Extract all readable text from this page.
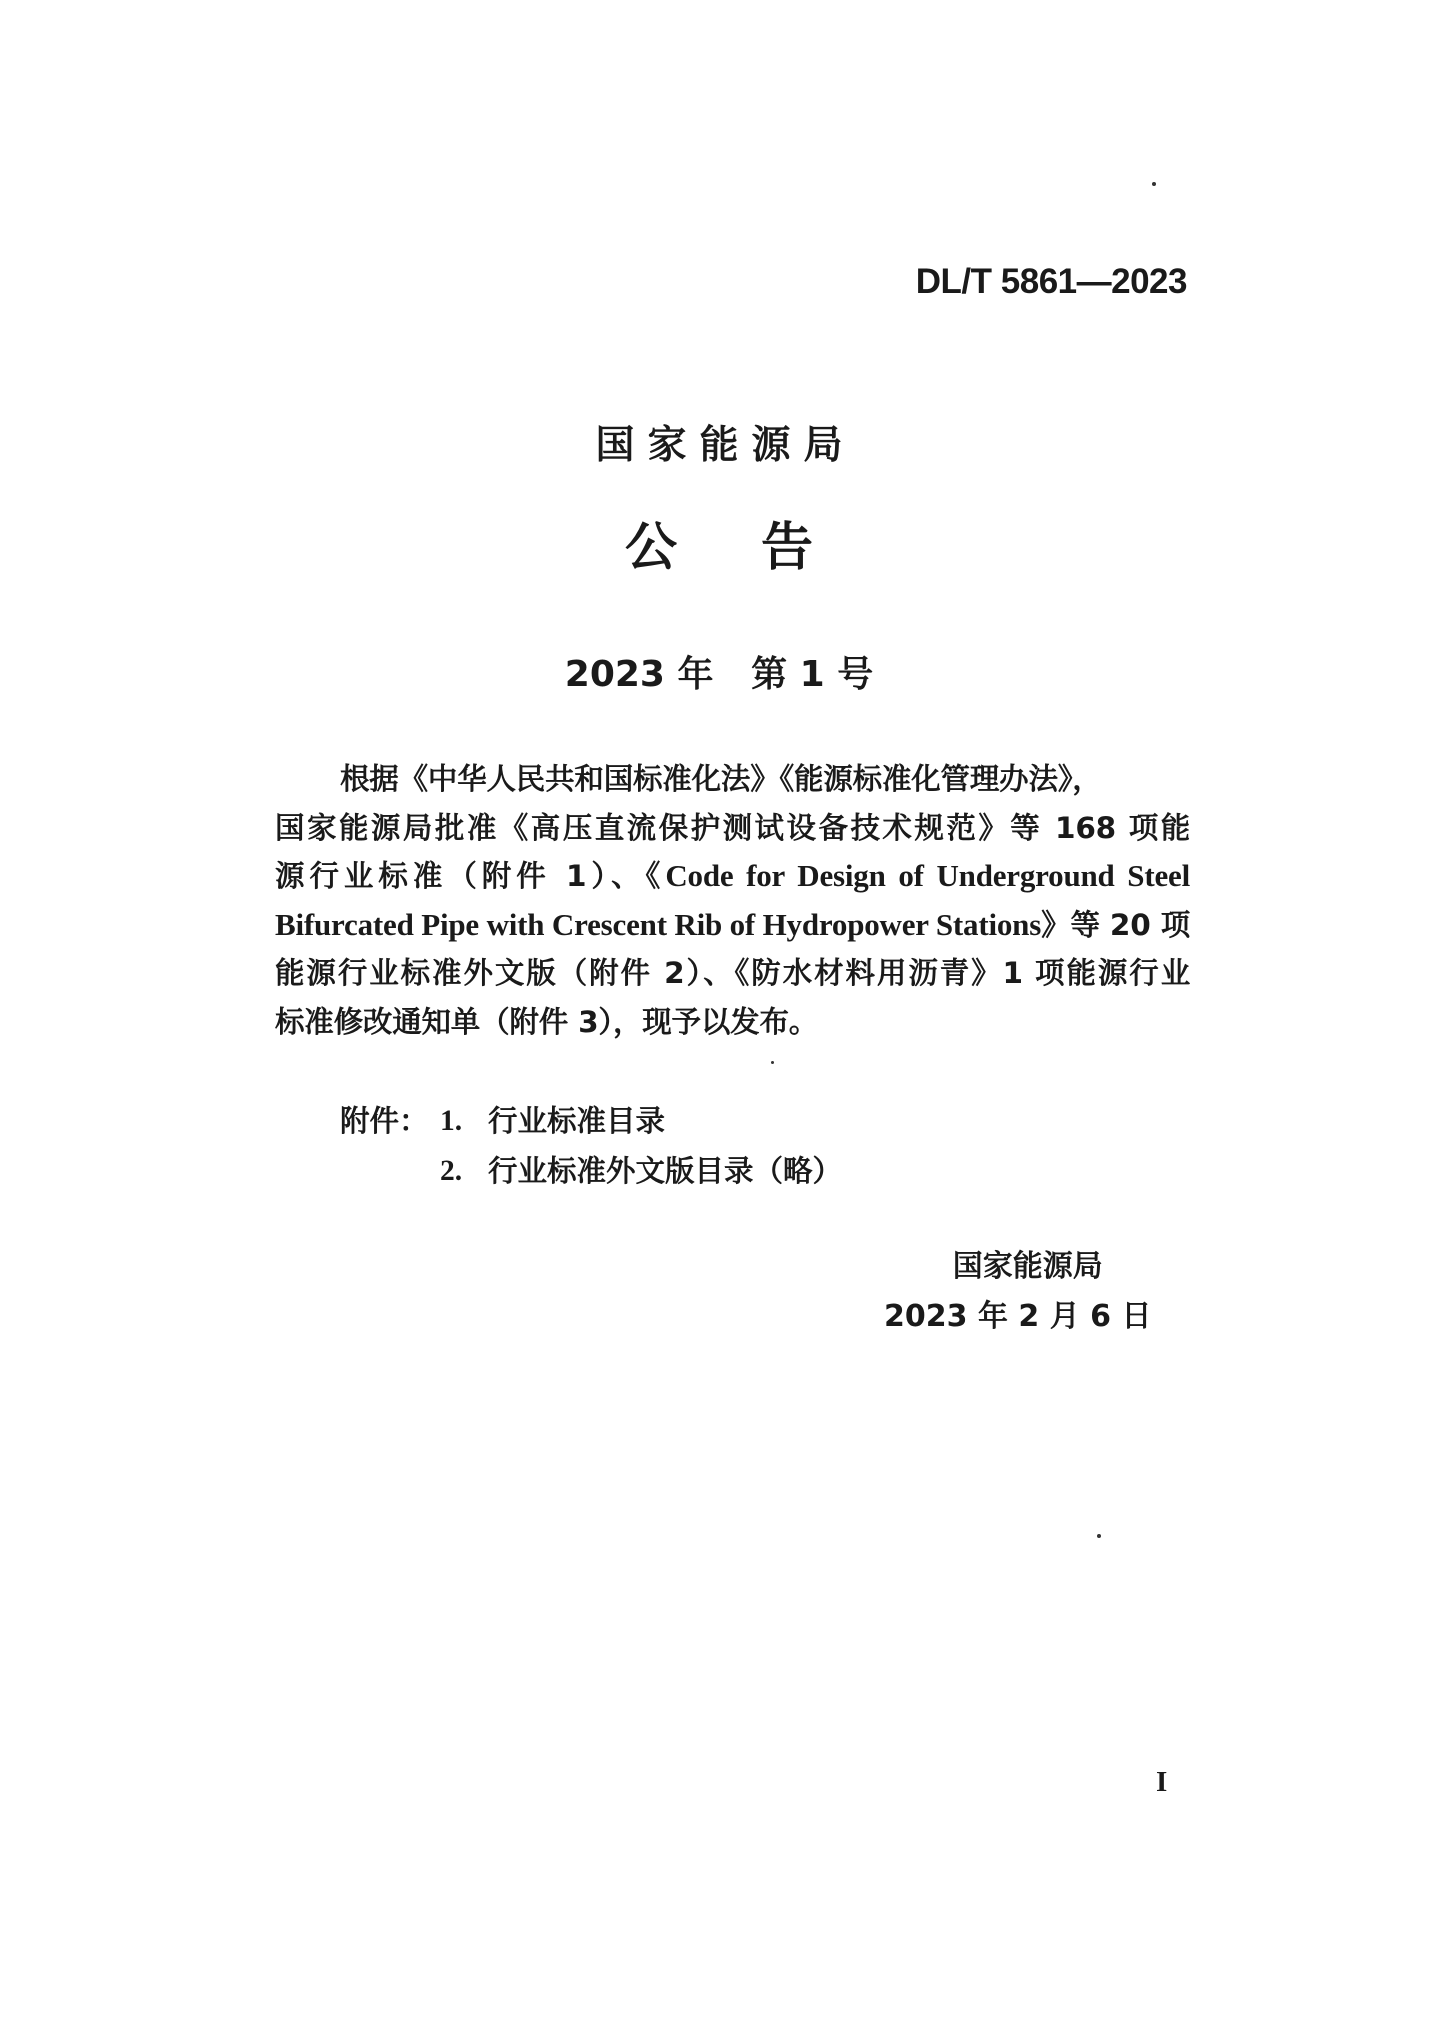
DL/T 5861—2023
国家能源局
公告
2023 年 第 1 号

根据《中华人民共和国标准化法》《能源标准化管理办法》，

国家能源局批准《高压直流保护测试设备技术规范》等 168 项能

源行业标准（附件 1）、《Code for Design of Underground Steel

Bifurcated Pipe with Crescent Rib of Hydropower Stations》等 20 项

能源行业标准外文版（附件 2）、《防水材料用沥青》1 项能源行业

标准修改通知单（附件 3），现予以发布。

附件： 1. 行业标准目录
2. 行业标准外文版目录（略）
国家能源局
2023 年 2 月 6 日
I
